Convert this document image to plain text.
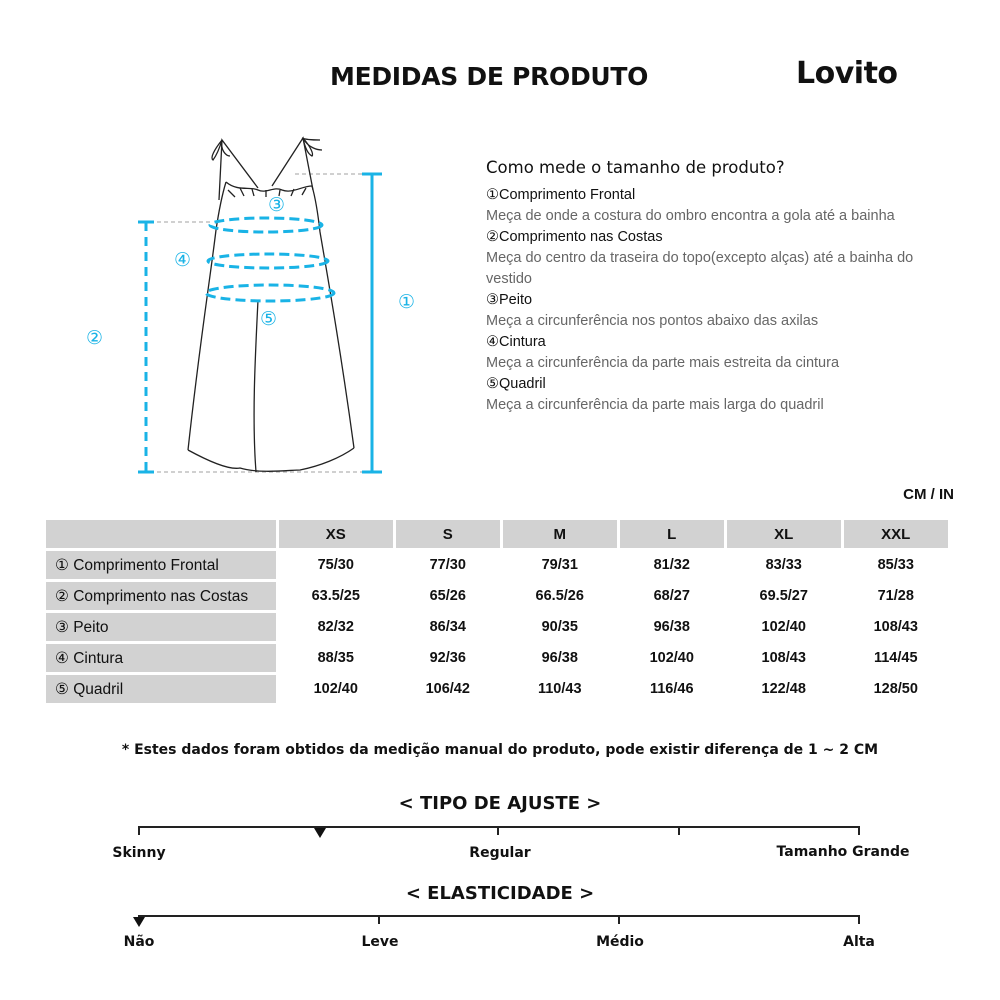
MEDIDAS DE PRODUTO	Lovito
③
④
⑤
②
①
Como mede o tamanho de produto?
①Comprimento Frontal
Meça de onde a costura do ombro encontra a gola até a bainha
②Comprimento nas Costas
Meça do centro da traseira do topo(excepto alças) até a bainha do vestido
③Peito
Meça a circunferência nos pontos abaixo das axilas
④Cintura
Meça a circunferência da parte mais estreita da cintura
⑤Quadril
Meça a circunferência da parte mais larga do quadril
CM / IN
	XS	S	M	L	XL	XXL
① Comprimento Frontal	75/30	77/30	79/31	81/32	83/33	85/33
② Comprimento nas Costas	63.5/25	65/26	66.5/26	68/27	69.5/27	71/28
③ Peito	82/32	86/34	90/35	96/38	102/40	108/43
④ Cintura	88/35	92/36	96/38	102/40	108/43	114/45
⑤ Quadril	102/40	106/42	110/43	116/46	122/48	128/50
* Estes dados foram obtidos da medição manual do produto, pode existir diferença de 1 ~ 2 CM
< TIPO DE AJUSTE >
Skinny	Regular	Tamanho Grande
< ELASTICIDADE >
Não	Leve	Médio	Alta
